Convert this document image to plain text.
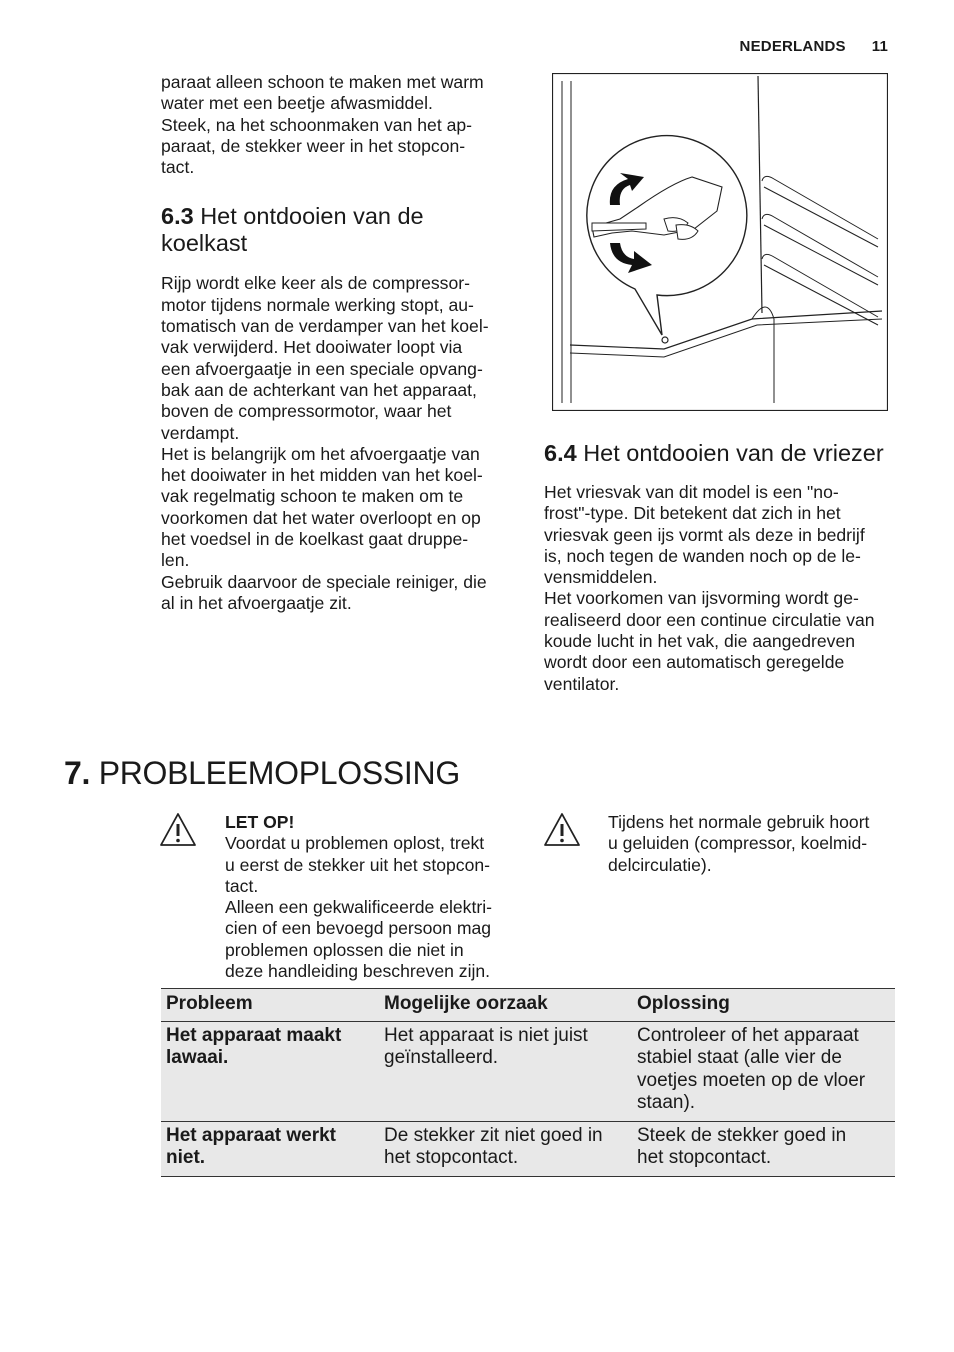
NEDERLANDS 11

paraat alleen schoon te maken met warm
water met een beetje afwasmiddel.
Steek, na het schoonmaken van het ap-
paraat, de stekker weer in het stopcon-
tact.

6.3 Het ontdooien van de
koelkast

Rijp wordt elke keer als de compressor-
motor tijdens normale werking stopt, au-
tomatisch van de verdamper van het koel-
vak verwijderd. Het dooiwater loopt via
een afvoergaatje in een speciale opvang-
bak aan de achterkant van het apparaat,
boven de compressormotor, waar het
verdampt.
Het is belangrijk om het afvoergaatje van
het dooiwater in het midden van het koel-
vak regelmatig schoon te maken om te
voorkomen dat het water overloopt en op
het voedsel in de koelkast gaat druppe-
len.
Gebruik daarvoor de speciale reiniger, die
al in het afvoergaatje zit.

6.4 Het ontdooien van de vriezer

Het vriesvak van dit model is een "no-
frost"-type. Dit betekent dat zich in het
vriesvak geen ijs vormt als deze in bedrijf
is, noch tegen de wanden noch op de le-
vensmiddelen.
Het voorkomen van ijsvorming wordt ge-
realiseerd door een continue circulatie van
koude lucht in het vak, die aangedreven
wordt door een automatisch geregelde
ventilator.

7. PROBLEEMOPLOSSING
LET OP!
Voordat u problemen oplost, trekt
u eerst de stekker uit het stopcon-
tact.
Alleen een gekwalificeerde elektri-
cien of een bevoegd persoon mag
problemen oplossen die niet in
deze handleiding beschreven zijn.
Tijdens het normale gebruik hoort
u geluiden (compressor, koelmid-
delcirculatie).
Probleem	Mogelijke oorzaak	Oplossing
Het apparaat maakt
lawaai.	Het apparaat is niet juist
geïnstalleerd.	Controleer of het apparaat
stabiel staat (alle vier de
voetjes moeten op de vloer
staan).
Het apparaat werkt
niet.	De stekker zit niet goed in
het stopcontact.	Steek de stekker goed in
het stopcontact.
